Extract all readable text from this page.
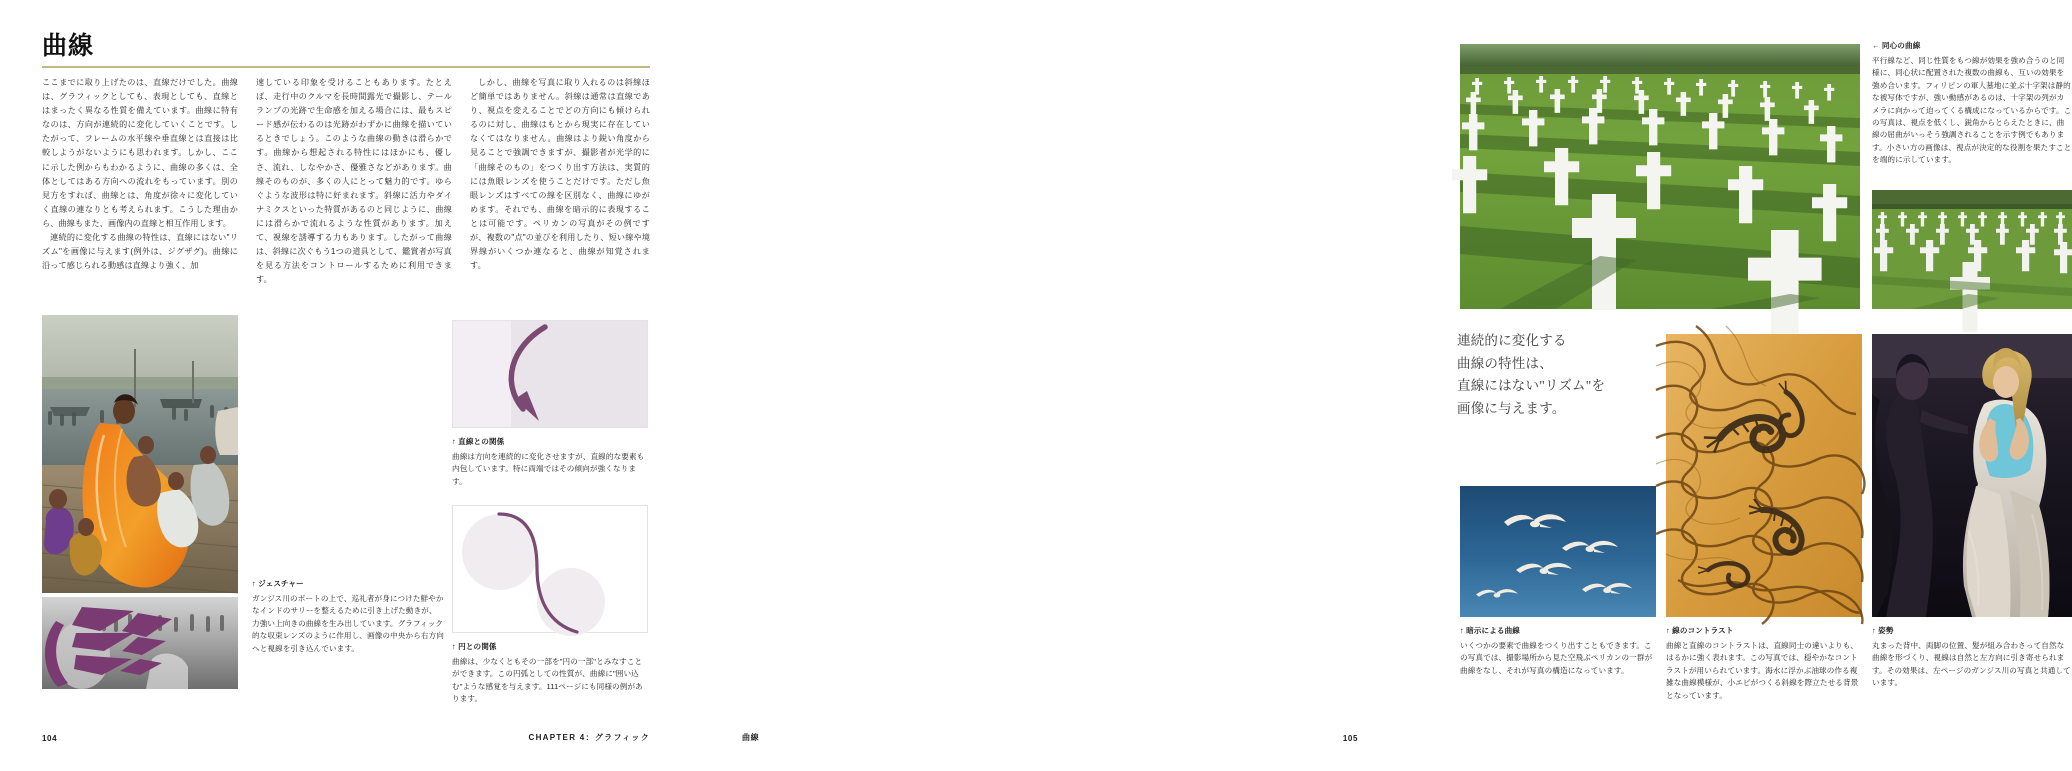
曲線

ここまでに取り上げたのは、直線だけでした。曲線は、グラフィックとしても、表現としても、直線とはまったく異なる性質を備えています。曲線に特有なのは、方向が連続的に変化していくことです。したがって、フレームの水平線や垂直線とは直接は比較しようがないようにも思われます。しかし、ここに示した例からもわかるように、曲線の多くは、全体としてはある方向への流れをもっています。別の見方をすれば、曲線とは、角度が徐々に変化していく直線の連なりとも考えられます。こうした理由から、曲線もまた、画像内の直線と相互作用します。

連続的に変化する曲線の特性は、直線にはない"リズム"を画像に与えます(例外は、ジグザグ)。曲線に沿って感じられる動感は直線より強く、加

速している印象を受けることもあります。たとえば、走行中のクルマを長時間露光で撮影し、テールランプの光跡で生命感を加える場合には、最もスピード感が伝わるのは光跡がわずかに曲線を描いているときでしょう。このような曲線の動きは滑らかです。曲線から想起される特性にはほかにも、優しさ、流れ、しなやかさ、優雅さなどがあります。曲線そのものが、多くの人にとって魅力的です。ゆらぐような波形は特に好まれます。斜線に活力やダイナミクスといった特質があるのと同じように、曲線には滑らかで流れるような性質があります。加えて、視線を誘導する力もあります。したがって曲線は、斜線に次ぐもう1つの道具として、鑑賞者が写真を見る方法をコントロールするために利用できます。

しかし、曲線を写真に取り入れるのは斜線ほど簡単ではありません。斜線は通常は直線であり、視点を変えることでどの方向にも傾けられるのに対し、曲線はもとから現実に存在していなくてはなりません。曲線はより鋭い角度から見ることで強調できますが、撮影者が光学的に「曲線そのもの」をつくり出す方法は、実質的には魚眼レンズを使うことだけです。ただし魚眼レンズはすべての線を区別なく、曲線にゆがめます。それでも、曲線を暗示的に表現することは可能です。ペリカンの写真がその例ですが、複数の"点"の並びを利用したり、短い線や境界線がいくつか連なると、曲線が知覚されます。

↑ ジェスチャー
ガンジス川のボートの上で、巡礼者が身につけた鮮やかなインドのサリーを整えるために引き上げた動きが、力強い上向きの曲線を生み出しています。グラフィック的な収束レンズのように作用し、画像の中央から右方向へと視線を引き込んでいます。
↑ 直線との関係
曲線は方向を連続的に変化させますが、直線的な要素も内包しています。特に両端ではその傾向が強くなります。
↑ 円との関係
曲線は、少なくともその一部を"円の一部"とみなすことができます。この円弧としての性質が、曲線に"囲い込む"ような感覚を与えます。111ページにも同様の例があります。
104	CHAPTER 4：グラフィック
← 同心の曲線
平行線など、同じ性質をもつ線が効果を強め合うのと同様に、同心状に配置された複数の曲線も、互いの効果を強め合います。フィリピンの軍人墓地に並ぶ十字架は静的な被写体ですが、強い動感があるのは、十字架の列がカメラに向かって迫ってくる構成になっているからです。この写真は、視点を低くし、鋭角からとらえたときに、曲線の屈曲がいっそう強調されることを示す例でもあります。小さい方の画像は、視点が決定的な役割を果たすことを端的に示しています。
連続的に変化する
曲線の特性は、
直線にはない"リズム"を
画像に与えます。
↑ 暗示による曲線
いくつかの要素で曲線をつくり出すこともできます。この写真では、撮影場所から見た空飛ぶペリカンの一群が曲線をなし、それが写真の構造になっています。
↑ 線のコントラスト
曲線と直線のコントラストは、直線同士の違いよりも、はるかに強く表れます。この写真では、穏やかなコントラストが用いられています。海水に浮かぶ油球の作る複雑な曲線模様が、小エビがつくる斜線を際立たせる背景となっています。
↑ 姿勢
丸まった背中、両脚の位置、髪が組み合わさって自然な曲線を形づくり、視線は自然と左方向に引き寄せられます。その効果は、左ページのガンジス川の写真と共通しています。
曲線	105
